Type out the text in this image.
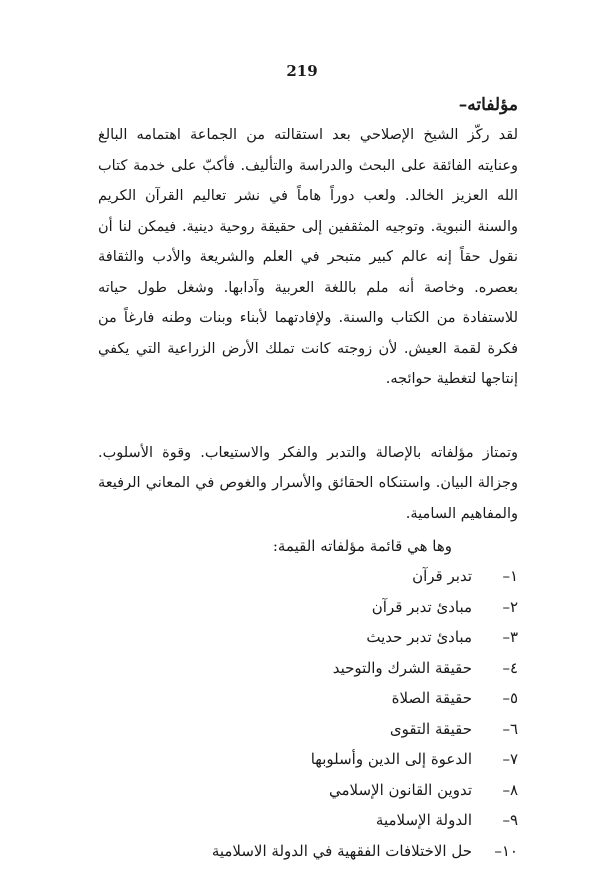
219
مؤلفاته–

لقد ركّز الشيخ الإصلاحي بعد استقالته من الجماعة اهتمامه البالغ وعنايته الفائقة على البحث والدراسة والتأليف. فأكبّ على خدمة كتاب الله العزيز الخالد. ولعب دوراً هاماً في نشر تعاليم القرآن الكريم والسنة النبوية. وتوجيه المثقفين إلى حقيقة روحية دينية. فيمكن لنا أن نقول حقاً إنه عالم كبير متبحر في العلم والشريعة والأدب والثقافة بعصره. وخاصة أنه ملم باللغة العربية وآدابها. وشغل طول حياته للاستفادة من الكتاب والسنة. ولإفادتهما لأبناء وبنات وطنه فارغاً من فكرة لقمة العيش. لأن زوجته كانت تملك الأرض الزراعية التي يكفي إنتاجها لتغطية حوائجه.

وتمتاز مؤلفاته بالإصالة والتدبر والفكر والاستيعاب. وقوة الأسلوب. وجزالة البيان. واستنكاه الحقائق والأسرار والغوص في المعاني الرفيعة والمفاهيم السامية.

وها هي قائمة مؤلفاته القيمة:

١–تدبر قرآن
٢–مبادئ تدبر قرآن
٣–مبادئ تدبر حديث
٤–حقيقة الشرك والتوحيد
٥–حقيقة الصلاة
٦–حقيقة التقوى
٧–الدعوة إلى الدين وأسلوبها
٨–تدوين القانون الإسلامي
٩–الدولة الإسلامية
١٠–حل الاختلافات الفقهية في الدولة الاسلامية
